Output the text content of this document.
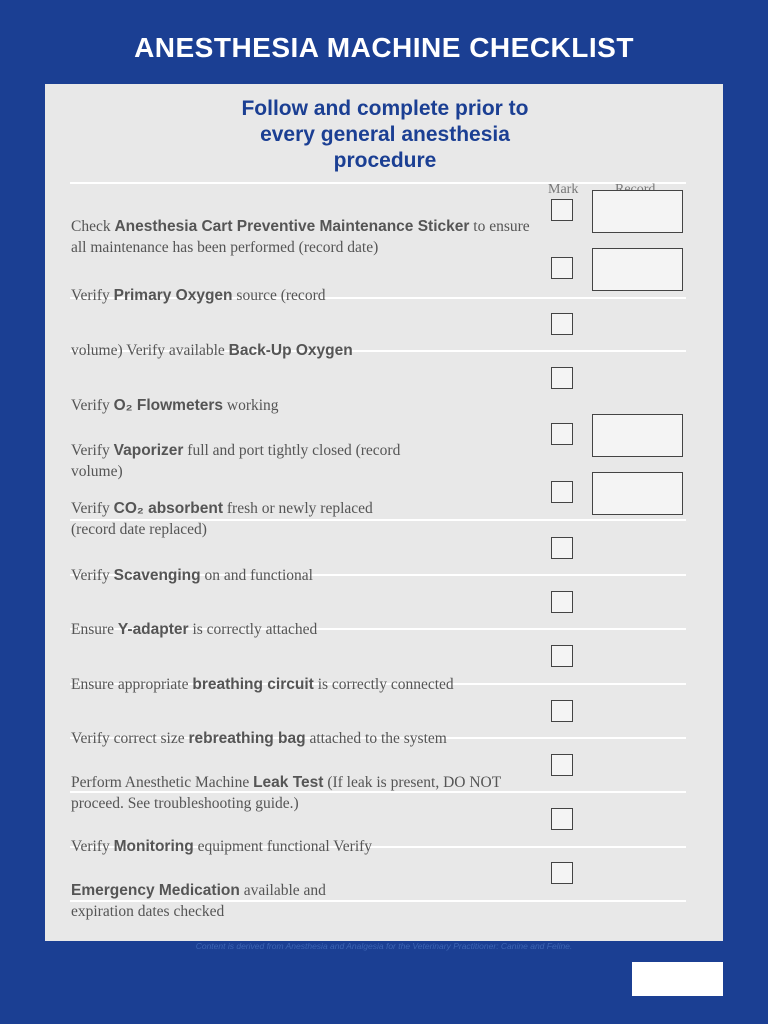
ANESTHESIA MACHINE CHECKLIST
Follow and complete prior to
every general anesthesia
procedure
Mark
Check Anesthesia Cart Preventive Maintenance Sticker to ensure all maintenance has been performed (record date)
Verify Primary Oxygen source (record
volume) Verify available Back-Up Oxygen
Verify O₂ Flowmeters working
Verify Vaporizer full and port tightly closed (record volume)
Verify CO₂ absorbent fresh or newly replaced (record date replaced)
Verify Scavenging on and functional
Ensure Y-adapter is correctly attached
Ensure appropriate breathing circuit is correctly connected
Verify correct size rebreathing bag attached to the system
Perform Anesthetic Machine Leak Test (If leak is present, DO NOT proceed. See troubleshooting guide.)
Verify Monitoring equipment functional Verify
Emergency Medication available and expiration dates checked
Content is derived from Anesthesia and Analgesia for the Veterinary Practitioner: Canine and Feline.
